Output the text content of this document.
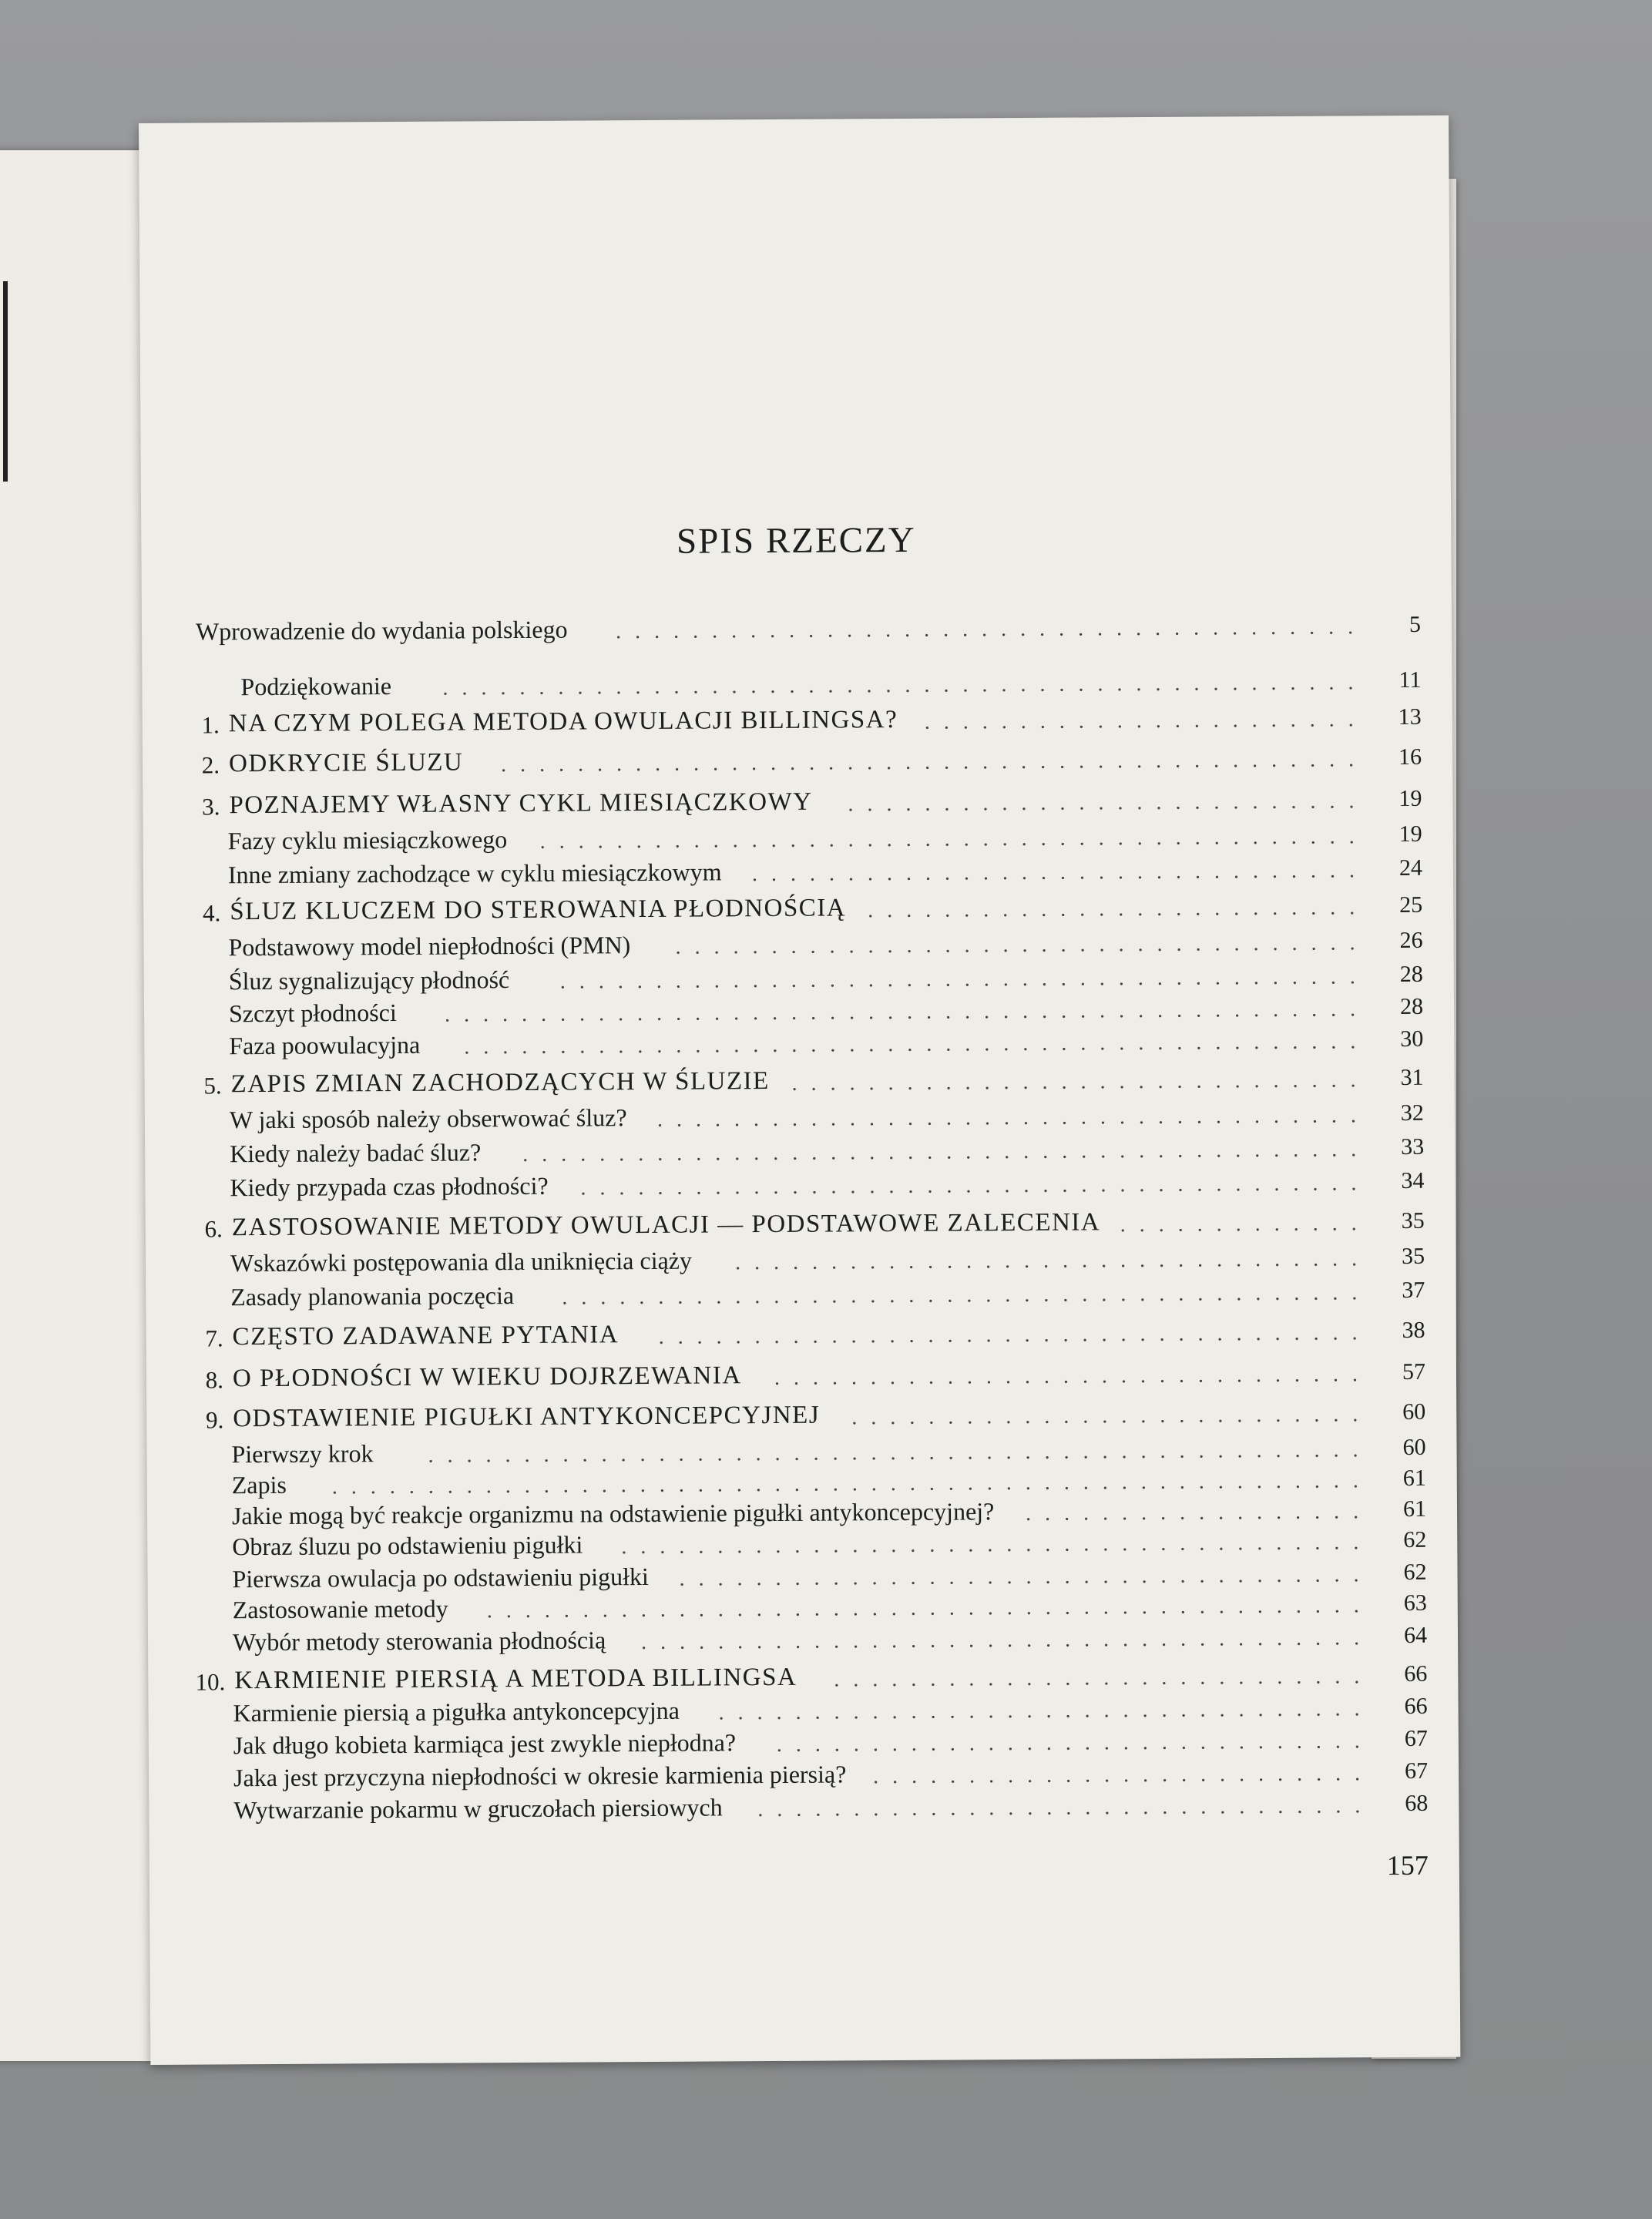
SPIS RZECZY
Wprowadzenie do wydania polskiego	.......................................	5
Podziękowanie	................................................	11
1. NA CZYM POLEGA METODA OWULACJI BILLINGSA?	.......................	13
2. ODKRYCIE ŚLUZU	.............................................	16
3. POZNAJEMY WŁASNY CYKL MIESIĄCZKOWY	...........................	19
Fazy cyklu miesiączkowego	...........................................	19
Inne zmiany zachodzące w cyklu miesiączkowym	................................	24
4. ŚLUZ KLUCZEM DO STEROWANIA PŁODNOŚCIĄ ..........................	25
Podstawowy model niepłodności (PMN)	....................................	26
Śluz sygnalizujący płodność	..........................................	28
Szczyt płodności	................................................	28
Faza poowulacyjna	...............................................	30
5. ZAPIS ZMIAN ZACHODZĄCYCH W ŚLUZIE ..............................	31
W jaki sposób należy obserwować śluz?	.....................................	32
Kiedy należy badać śluz?	............................................	33
Kiedy przypada czas płodności?	.........................................	34
6. ZASTOSOWANIE METODY OWULACJI — PODSTAWOWE ZALECENIA .............	35
Wskazówki postępowania dla uniknięcia ciąży	.................................	35
Zasady planowania poczęcia	..........................................	37
7. CZĘSTO ZADAWANE PYTANIA	.....................................	38
8. O PŁODNOŚCI W WIEKU DOJRZEWANIA	...............................	57
9. ODSTAWIENIE PIGUŁKI ANTYKONCEPCYJNEJ	...........................	60
Pierwszy krok	.................................................	60
Zapis	......................................................	61
Jakie mogą być reakcje organizmu na odstawienie pigułki antykoncepcyjnej?	..................	61
Obraz śluzu po odstawieniu pigułki	.......................................	62
Pierwsza owulacja po odstawieniu pigułki	....................................	62
Zastosowanie metody	..............................................	63
Wybór metody sterowania płodnością	......................................	64
10. KARMIENIE PIERSIĄ A METODA BILLINGSA	............................	66
Karmienie piersią a pigułka antykoncepcyjna	..................................	66
Jak długo kobieta karmiąca jest zwykle niepłodna?	...............................	67
Jaka jest przyczyna niepłodności w okresie karmienia piersią?	..........................	67
Wytwarzanie pokarmu w gruczołach piersiowych	................................	68
157
